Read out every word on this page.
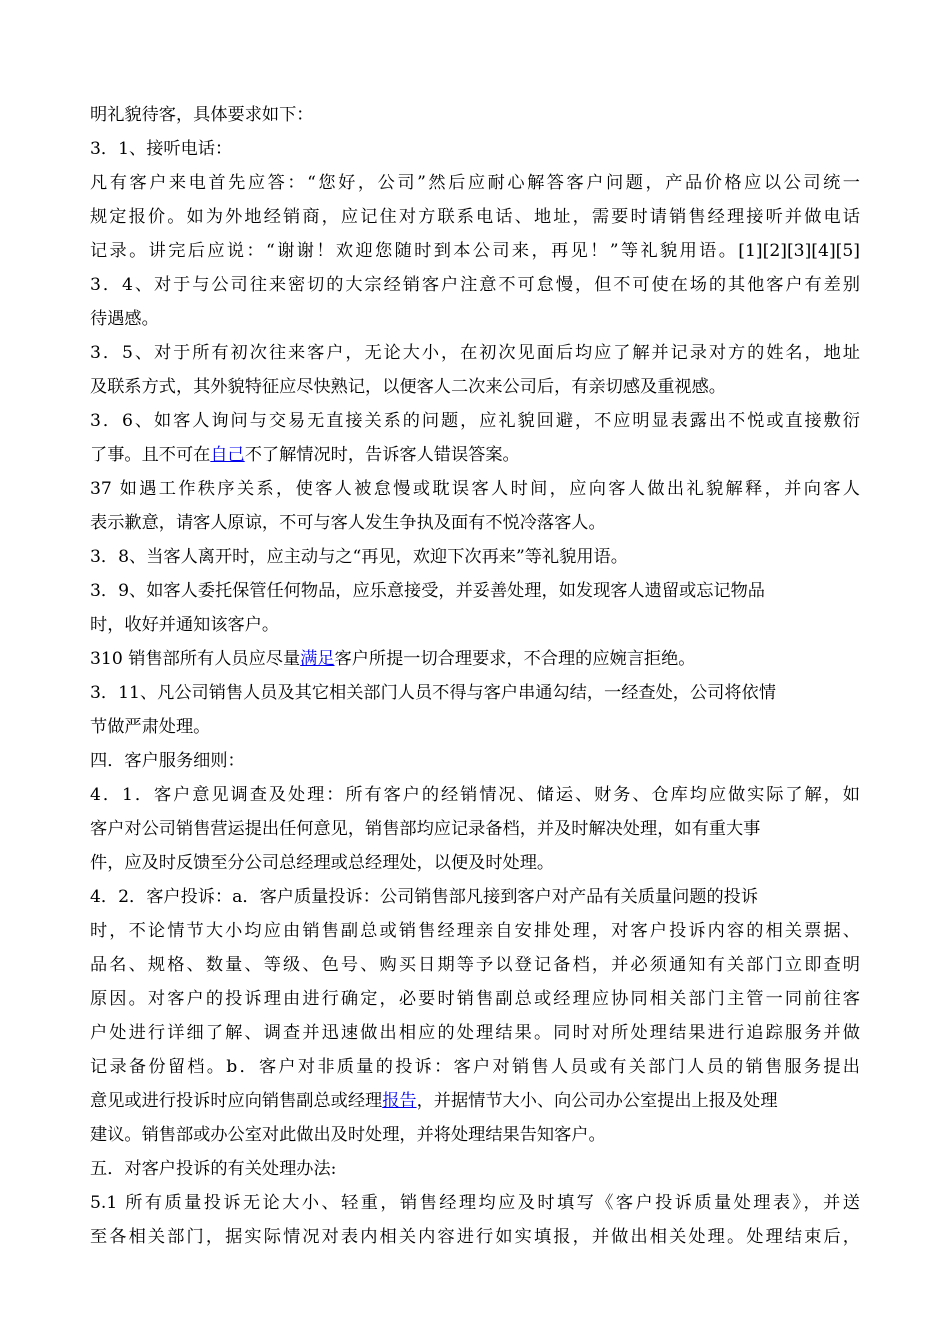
明礼貌待客，具体要求如下：
3．1、接听电话：
凡有客户来电首先应答：“您好，公司”然后应耐心解答客户问题，产品价格应以公司统一
规定报价。如为外地经销商，应记住对方联系电话、地址，需要时请销售经理接听并做电话
记录。讲完后应说：“谢谢！欢迎您随时到本公司来，再见！”等礼貌用语。[1][2][3][4][5]
3．4、对于与公司往来密切的大宗经销客户注意不可怠慢，但不可使在场的其他客户有差别
待遇感。
3．5、对于所有初次往来客户，无论大小，在初次见面后均应了解并记录对方的姓名，地址
及联系方式，其外貌特征应尽快熟记，以便客人二次来公司后，有亲切感及重视感。
3．6、如客人询问与交易无直接关系的问题，应礼貌回避，不应明显表露出不悦或直接敷衍
了事。且不可在自己不了解情况时，告诉客人错误答案。
37 如遇工作秩序关系，使客人被怠慢或耽误客人时间，应向客人做出礼貌解释，并向客人
表示歉意，请客人原谅，不可与客人发生争执及面有不悦冷落客人。
3．8、当客人离开时，应主动与之“再见，欢迎下次再来”等礼貌用语。
3．9、如客人委托保管任何物品，应乐意接受，并妥善处理，如发现客人遗留或忘记物品
时，收好并通知该客户。
310 销售部所有人员应尽量满足客户所提一切合理要求，不合理的应婉言拒绝。
3．11、凡公司销售人员及其它相关部门人员不得与客户串通勾结，一经查处，公司将依情
节做严肃处理。
四．客户服务细则：
4．1．客户意见调查及处理：所有客户的经销情况、储运、财务、仓库均应做实际了解，如
客户对公司销售营运提出任何意见，销售部均应记录备档，并及时解决处理，如有重大事
件，应及时反馈至分公司总经理或总经理处，以便及时处理。
4．2．客户投诉：a．客户质量投诉：公司销售部凡接到客户对产品有关质量问题的投诉
时，不论情节大小均应由销售副总或销售经理亲自安排处理，对客户投诉内容的相关票据、
品名、规格、数量、等级、色号、购买日期等予以登记备档，并必须通知有关部门立即查明
原因。对客户的投诉理由进行确定，必要时销售副总或经理应协同相关部门主管一同前往客
户处进行详细了解、调查并迅速做出相应的处理结果。同时对所处理结果进行追踪服务并做
记录备份留档。b．客户对非质量的投诉：客户对销售人员或有关部门人员的销售服务提出
意见或进行投诉时应向销售副总或经理报告，并据情节大小、向公司办公室提出上报及处理
建议。销售部或办公室对此做出及时处理，并将处理结果告知客户。
五．对客户投诉的有关处理办法:
5.1 所有质量投诉无论大小、轻重，销售经理均应及时填写《客户投诉质量处理表》，并送
至各相关部门，据实际情况对表内相关内容进行如实填报，并做出相关处理。处理结束后，
